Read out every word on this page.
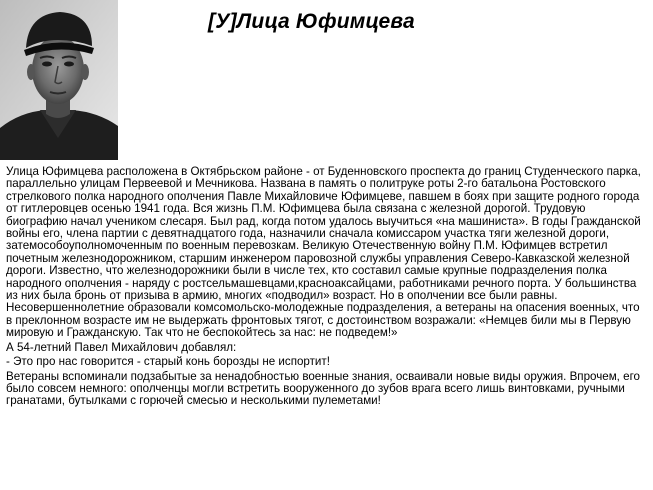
[У]Лица Юфимцева

Улица Юфимцева расположена в Октябрьском районе - от Буденновского проспекта до границ Студенческого парка, параллельно улицам Первеевой и Мечникова. Названа в память о политруке роты 2-го батальона Ростовского стрелкового полка народного ополчения Павле Михайловиче Юфимцеве, павшем в боях при защите родного города от гитлеровцев осенью 1941 года. Вся жизнь П.М. Юфимцева была связана с железной дорогой. Трудовую биографию начал учеником слесаря. Был рад, когда потом удалось выучиться «на машиниста». В годы Гражданской войны его, члена партии с девятнадцатого года, назначили сначала комиссаром участка тяги железной дороги, затемособоуполномоченным по военным перевозкам. Великую Отечественную войну П.М. Юфимцев встретил почетным железнодорожником, старшим инженером паровозной службы управления Северо-Кавказской железной дороги. Известно, что железнодорожники были в числе тех, кто составил самые крупные подразделения полка народного ополчения - наряду с ростсельмашевцами,красноаксайцами, работниками речного порта. У большинства из них была бронь от призыва в армию, многих «подводил» возраст. Но в ополчении все были равны. Несовершеннолетние образовали комсомольско-молодежные подразделения, а ветераны на опасения военных, что в преклонном возрасте им не выдержать фронтовых тягот, с достоинством возражали: «Немцев били мы в Первую мировую и Гражданскую. Так что не беспокойтесь за нас: не подведем!»

А 54-летний Павел Михайлович добавлял:

- Это про нас говорится - старый конь борозды не испортит!

Ветераны вспоминали подзабытые за ненадобностью военные знания, осваивали новые виды оружия. Впрочем, его было совсем немного: ополченцы могли встретить вооруженного до зубов врага всего лишь винтовками, ручными гранатами, бутылками с горючей смесью и несколькими пулеметами!
